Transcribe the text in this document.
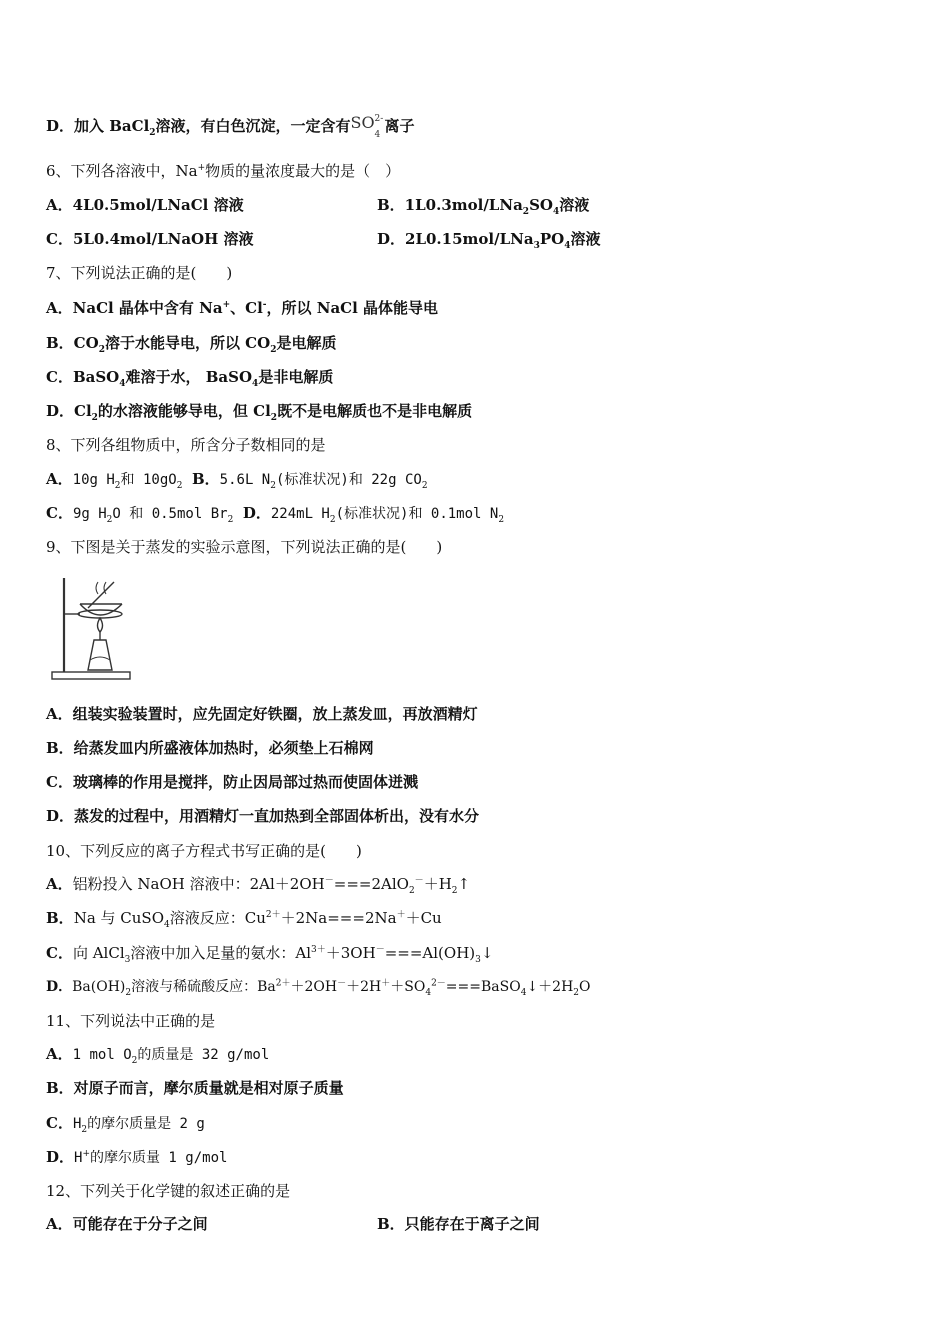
D．加入 BaCl$_2$溶液，有白色沉淀，一定含有 SO
4
2- 离子
6、下列各溶液中，Na+物质的量浓度最大的是（　）
A．4L0.5mol/LNaCl 溶液	B．$1L0.3mol/LNa_2SO_4$溶液
C．5L0.4mol/LNaOH 溶液	D．$2L0.15mol/LNa_3PO_4$溶液
7、下列说法正确的是(　　)
A．NaCl 晶体中含有 Na+、Cl-，所以 NaCl 晶体能导电
B．$CO_2$溶于水能导电，所以 $CO_2$是电解质
C．BaSO$_4$难溶于水， BaSO$_4$是非电解质
D．$Cl_2$的水溶液能够导电，但 $Cl_2$既不是电解质也不是非电解质
8、下列各组物质中，所含分子数相同的是
A．10g $H_2$和 $10gO_2$ B．5.6L $N_2$(标准状况)和 22g $CO_2$
C．9g $H_2O$ 和 0.5mol $Br_2$ D．224mL $H_2$(标准状况)和 0.1mol $N_2$
9、下图是关于蒸发的实验示意图，下列说法正确的是(　　)
A．组装实验装置时，应先固定好铁圈，放上蒸发皿，再放酒精灯
B．给蒸发皿内所盛液体加热时，必须垫上石棉网
C．玻璃棒的作用是搅拌，防止因局部过热而使固体迸溅
D．蒸发的过程中，用酒精灯一直加热到全部固体析出，没有水分
10、下列反应的离子方程式书写正确的是(　　)
A．铝粉投入 NaOH 溶液中：$2Al+2OH^-===2AlO_2^-+H_2↑$
B．Na 与 CuSO$_4$溶液反应：$Cu^{2+}+2Na===2Na^++Cu$
C．向 AlCl$_3$溶液中加入足量的氨水：$Al^{3+}+3OH^-===Al(OH)_3↓$
D．$Ba(OH)_2$溶液与稀硫酸反应：$Ba^{2+}+2OH^-+2H^++SO_4^{2-}===BaSO_4↓+2H_2O$
11、下列说法中正确的是
A．1 mol $O_2$的质量是 32 g/mol
B．对原子而言，摩尔质量就是相对原子质量
C．$H_2$的摩尔质量是 2 g
D．H+的摩尔质量 1 g/mol
12、下列关于化学键的叙述正确的是
A．可能存在于分子之间	B．只能存在于离子之间
